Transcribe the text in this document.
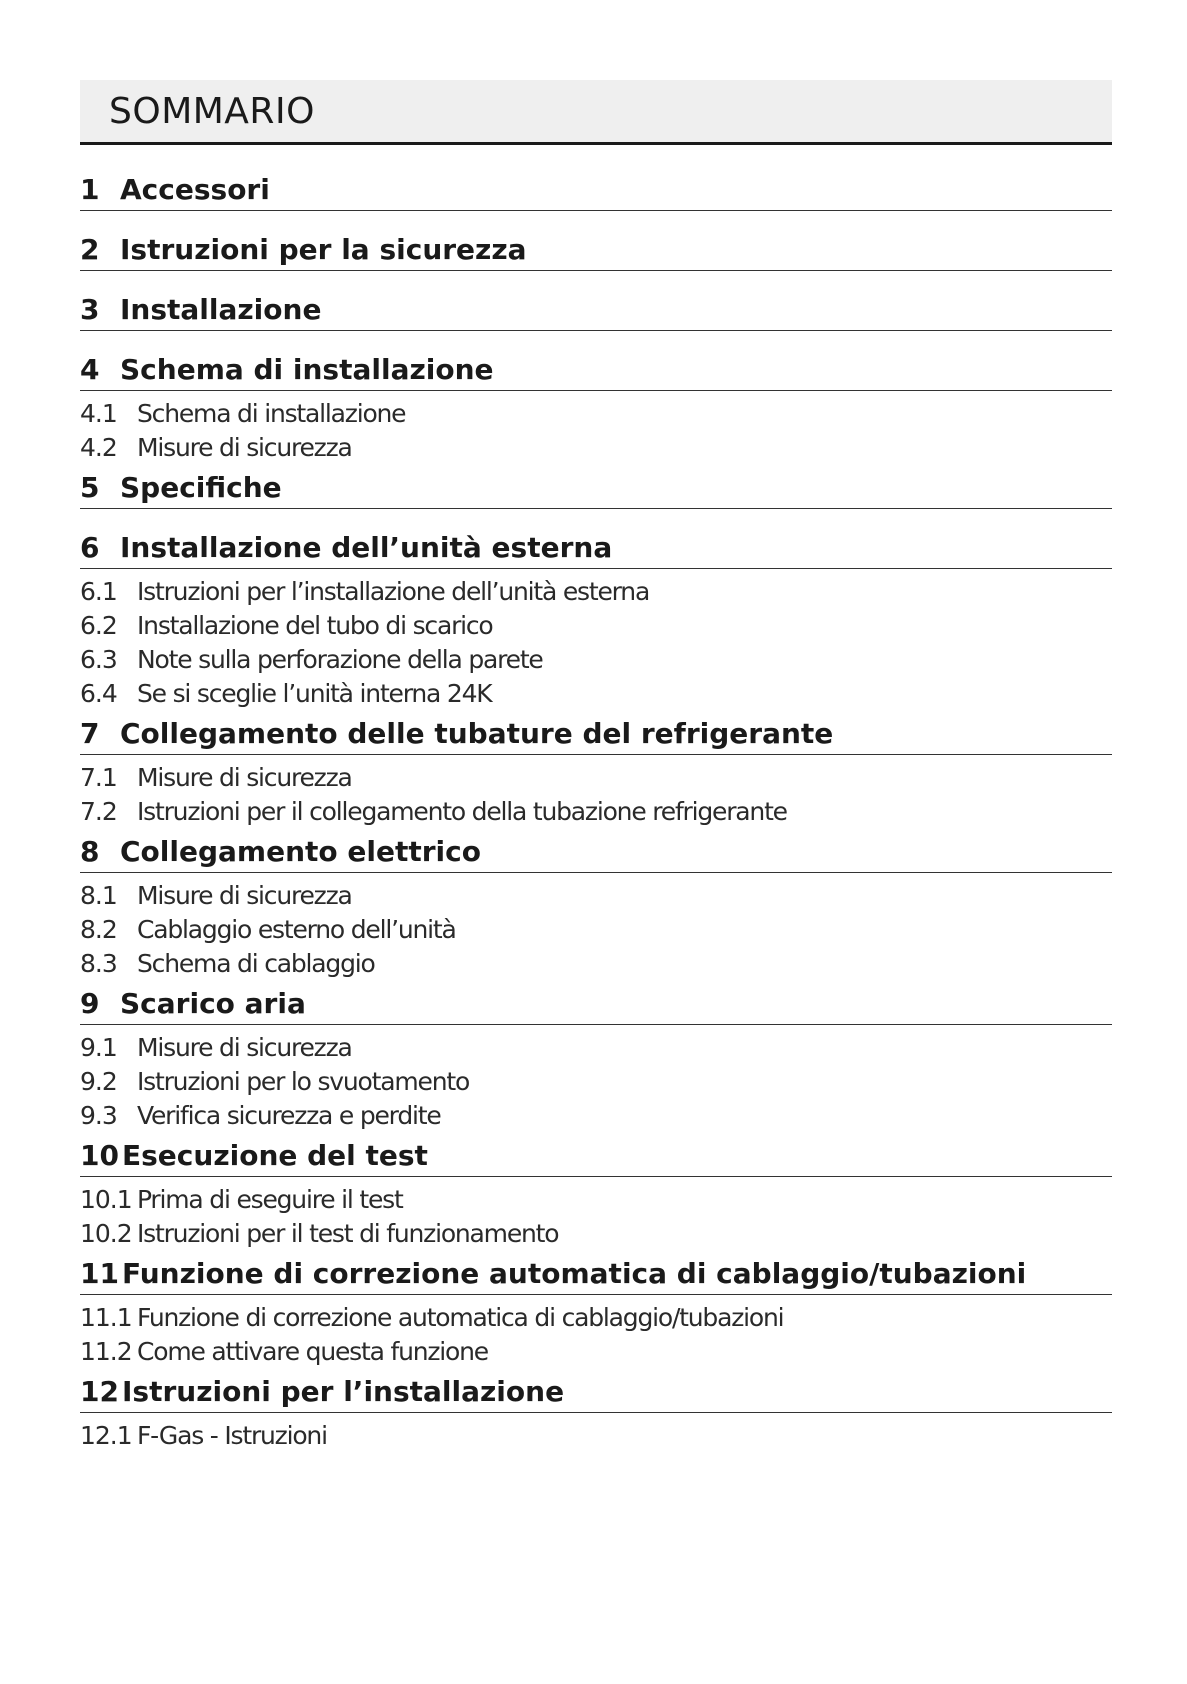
SOMMARIO
1 Accessori
2 Istruzioni per la sicurezza
3 Installazione
4 Schema di installazione
4.1 Schema di installazione
4.2 Misure di sicurezza
5 Specifiche
6 Installazione dell’unità esterna
6.1 Istruzioni per l’installazione dell’unità esterna
6.2 Installazione del tubo di scarico
6.3 Note sulla perforazione della parete
6.4 Se si sceglie l’unità interna 24K
7 Collegamento delle tubature del refrigerante
7.1 Misure di sicurezza
7.2 Istruzioni per il collegamento della tubazione refrigerante
8 Collegamento elettrico
8.1 Misure di sicurezza
8.2 Cablaggio esterno dell’unità
8.3 Schema di cablaggio
9 Scarico aria
9.1 Misure di sicurezza
9.2 Istruzioni per lo svuotamento
9.3 Verifica sicurezza e perdite
10 Esecuzione del test
10.1 Prima di eseguire il test
10.2 Istruzioni per il test di funzionamento
11 Funzione di correzione automatica di cablaggio/tubazioni
11.1 Funzione di correzione automatica di cablaggio/tubazioni
11.2 Come attivare questa funzione
12 Istruzioni per l’installazione
12.1 F-Gas - Istruzioni
